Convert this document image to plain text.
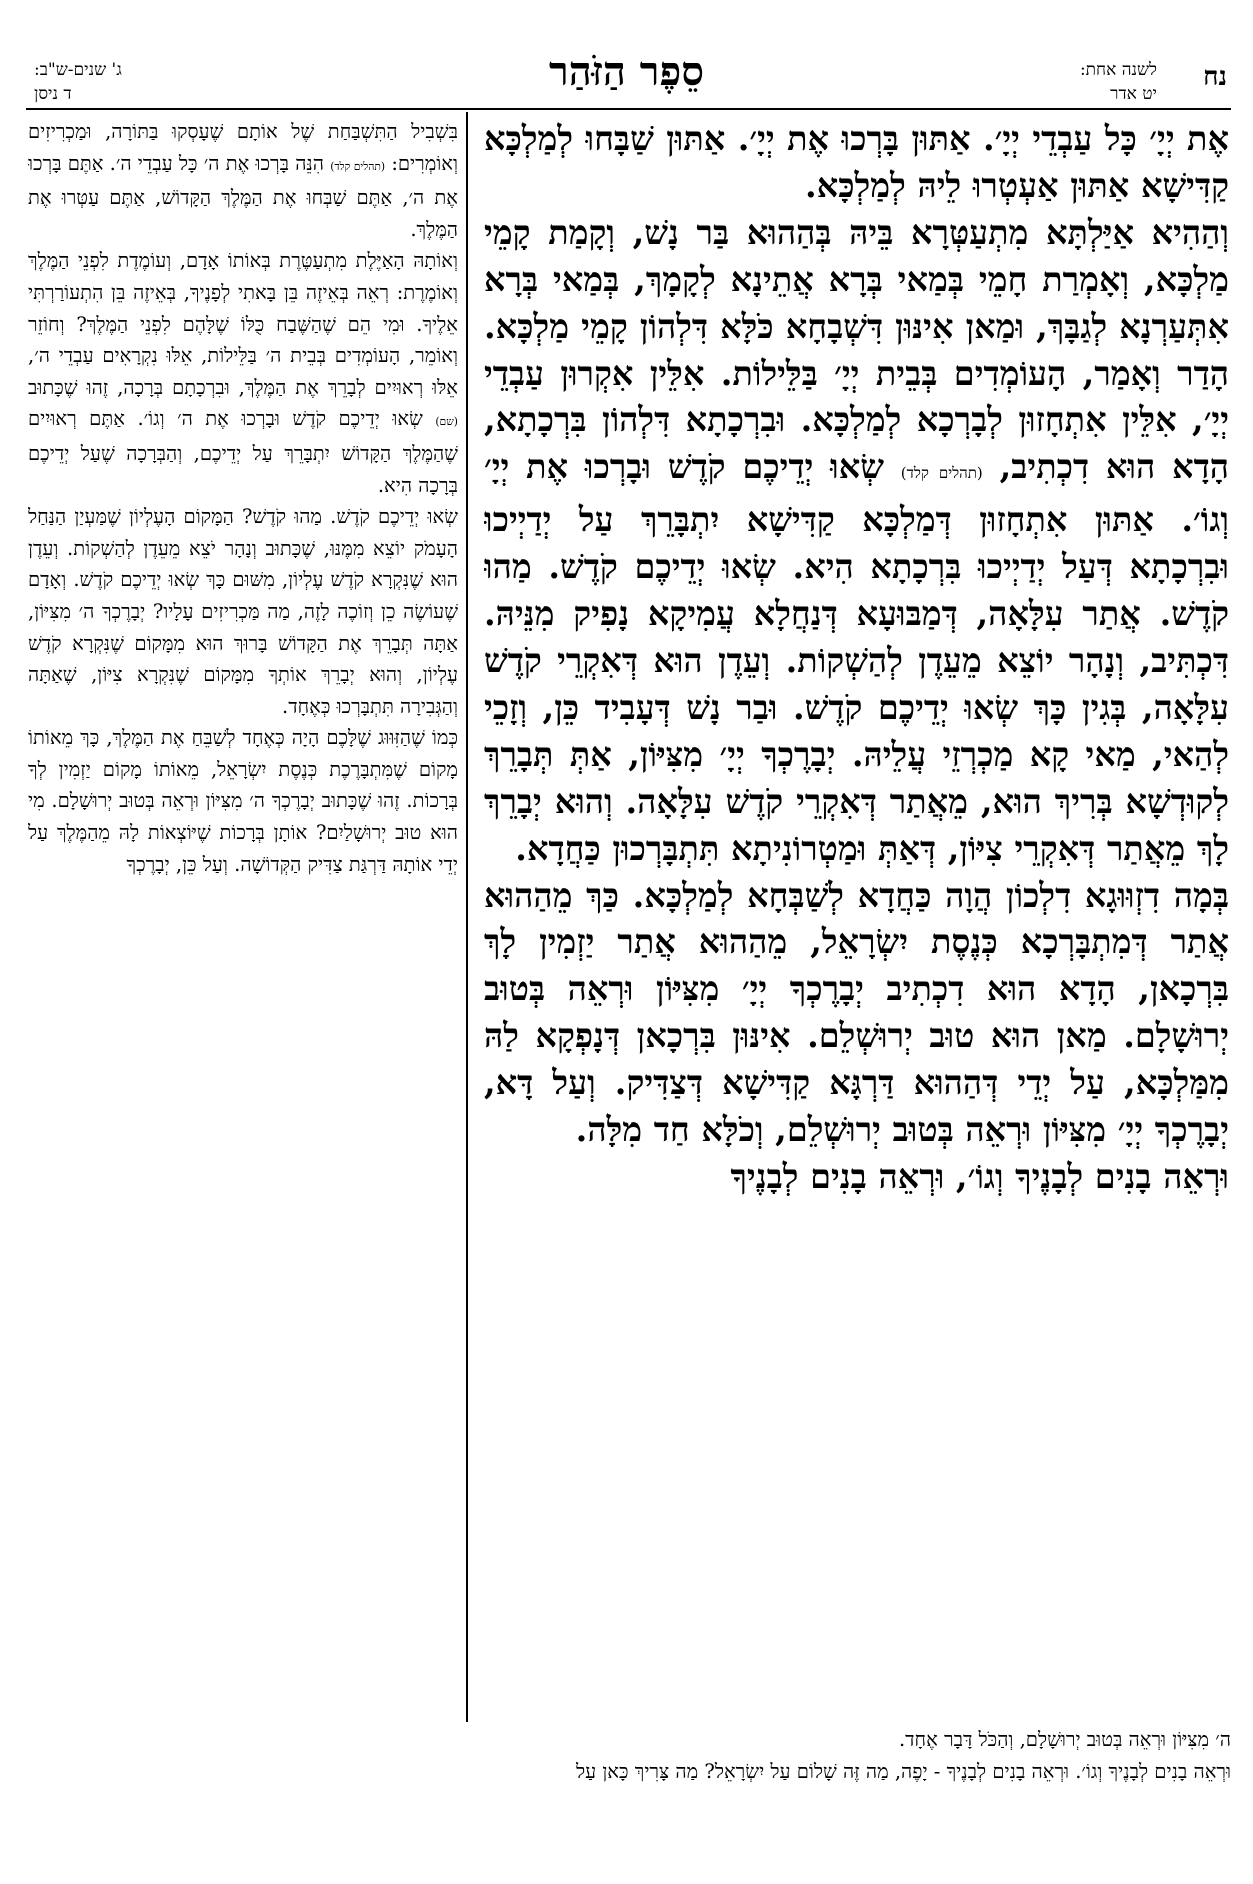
נח
לשנה אחת:
יט אדר
סֵפֶר הַזֹּהַר
ג' שנים-ש"ב:
ד ניסן

אֶת יְיָ׳ כָּל עַבְדֵי יְיָ׳. אַתּוּן בָּרְכוּ אֶת יְיָ׳. אַתּוּן שַׁבָּחוּ לְמַלְכָּא קַדִּישָׁא אַתּוּן אַעְטְרוּ לֵיהּ לְמַלְכָּא.

וְהַהִיא אַיַּלְתָּא מִתְעַטְּרָא בֵּיהּ בְּהַהוּא בַּר נָשׁ, וְקָמַת קָמֵי מַלְכָּא, וְאָמְרַת חָמֵי בְּמַאי בְּרָא אֲתֵינָא לְקָמָךְ, בְּמַאי בְּרָא אִתְּעַרְנָא לְגַבָּךְ, וּמַאן אִינּוּן דִּשְׁבָחָא כֹּלָּא דִּלְהוֹן קָמֵי מַלְכָּא. הָדַר וְאָמַר, הָעוֹמְדִים בְּבֵית יְיָ׳ בַּלֵּילוֹת. אִלֵּין אִקְרוּן עַבְדֵי יְיָ׳, אִלֵּין אִתְחָזוּן לְבָרְכָא לְמַלְכָּא. וּבִרְכָתָא דִּלְהוֹן בִּרְכָתָא, הָדָא הוּא דִכְתִיב, (תהלים קלד) שְׂאוּ יְדֵיכֶם קֹדֶשׁ וּבָרְכוּ אֶת יְיָ׳ וְגוֹ׳. אַתּוּן אִתְחָזוּן דְּמַלְכָּא קַדִּישָׁא יִתְבָּרֵךְ עַל יְדַיְיכוּ וּבִרְכָתָא דְּעַל יְדַיְיכוּ בִּרְכָתָא הִיא. שְׂאוּ יְדֵיכֶם קֹדֶשׁ. מַהוּ קֹדֶשׁ. אֲתַר עִלָּאָה, דְּמַבּוּעָא דְּנַחֲלָא עֲמִיקָא נָפִיק מִנֵּיהּ. דִּכְתִּיב, וְנָהָר יוֹצֵא מֵעֵדֶן לְהַשְׁקוֹת. וְעֵדֶן הוּא דְּאִקְרֵי קֹדֶשׁ עִלָּאָה, בְּגִין כָּךְ שְׂאוּ יְדֵיכֶם קֹדֶשׁ. וּבַר נָשׁ דְּעָבִיד כֵּן, וְזָכֵי לְהַאי, מַאי קָא מַכְרְזֵי עֲלֵיהּ. יְבָרֶכְךָ יְיָ׳ מִצִּיּוֹן, אַתְּ תְּבָרֵךְ לְקוּדְשָׁא בְּרִיךְ הוּא, מֵאֲתַר דְּאִקְרֵי קֹדֶשׁ עִלָּאָה. וְהוּא יְבָרֵךְ לָךְ מֵאֲתַר דְּאִקְרֵי צִיּוֹן, דְּאַתְּ וּמַטְרוֹנִיתָא תִּתְבָּרְכוּן כַּחֲדָא.

בְּמָה דִזְוּוּגָא דִלְכוֹן הֲוָה כַּחֲדָא לְשַׁבְּחָא לְמַלְכָּא. כַּךְ מֵהַהוּא אֲתַר דְּמִתְבָּרְכָא כְּנֶסֶת יִשְׂרָאֵל, מֵהַהוּא אֲתַר יַזְמִין לָךְ בִּרְכָאן, הָדָא הוּא דִכְתִיב יְבָרֶכְךָ יְיָ׳ מִצִּיּוֹן וּרְאֵה בְּטוּב יְרוּשָׁלָם. מַאן הוּא טוּב יְרוּשְׁלֵם. אִינּוּן בִּרְכָאן דְּנָפְקָא לַהּ מִמַּלְכָּא, עַל יְדֵי דְּהַהוּא דַּרְגָּא קַדִּישָׁא דְּצַדִּיק. וְעַל דָּא, יְבָרֶכְךָ יְיָ׳ מִצִּיּוֹן וּרְאֵה בְּטוּב יְרוּשְׁלֵם, וְכֹלָּא חַד מִלָּה.

וּרְאֵה בָנִים לְבָנֶיךָ וְגוֹ׳, וּרְאֵה בָנִים לְבָנֶיךָ

בִּשְׁבִיל הַתִּשְׁבַּחַת שֶׁל אוֹתָם שֶׁעָסְקוּ בַּתּוֹרָה, וּמַכְרִיזִים וְאוֹמְרִים: (תהלים קלד) הִנֵּה בָּרְכוּ אֶת ה׳ כָּל עַבְדֵי ה׳. אַתֶּם בָּרְכוּ אֶת ה׳, אַתֶּם שַׁבְּחוּ אֶת הַמֶּלֶךְ הַקָּדוֹשׁ, אַתֶּם עַטְּרוּ אֶת הַמֶּלֶךְ.

וְאוֹתָהּ הָאַיֶּלֶת מִתְעַטֶּרֶת בְּאוֹתוֹ אָדָם, וְעוֹמֶדֶת לִפְנֵי הַמֶּלֶךְ וְאוֹמֶרֶת: רְאֵה בְּאֵיזֶה בֵּן בָּאתִי לְפָנֶיךָ, בְּאֵיזֶה בֵּן הִתְעוֹרַרְתִּי אֵלֶיךָ. וּמִי הֵם שֶׁהַשֶּׁבַח כֻּלּוֹ שֶׁלָּהֶם לִפְנֵי הַמֶּלֶךְ? וְחוֹזֵר וְאוֹמֵר, הָעוֹמְדִים בְּבֵית ה׳ בַּלֵּילוֹת, אֵלּוּ נִקְרָאִים עַבְדֵי ה׳, אֵלּוּ רְאוּיִים לְבָרֵךְ אֶת הַמֶּלֶךְ, וּבִרְכָתָם בְּרָכָה, זֶהוּ שֶׁכָּתוּב (שם) שְׂאוּ יְדֵיכֶם קֹדֶשׁ וּבָרְכוּ אֶת ה׳ וְגוֹ׳. אַתֶּם רְאוּיִים שֶׁהַמֶּלֶךְ הַקָּדוֹשׁ יִתְבָּרֵךְ עַל יְדֵיכֶם, וְהַבְּרָכָה שֶׁעַל יְדֵיכֶם בְּרָכָה הִיא.

שְׂאוּ יְדֵיכֶם קֹדֶשׁ. מַהוּ קֹדֶשׁ? הַמָּקוֹם הָעֶלְיוֹן שֶׁמַּעְיַן הַנַּחַל הָעָמֹק יוֹצֵא מִמֶּנּוּ, שֶׁכָּתוּב וְנָהָר יֹצֵא מֵעֵדֶן לְהַשְׁקוֹת. וְעֵדֶן הוּא שֶׁנִּקְרָא קֹדֶשׁ עֶלְיוֹן, מִשּׁוּם כָּךְ שְׂאוּ יְדֵיכֶם קֹדֶשׁ. וְאָדָם שֶׁעוֹשֶׂה כֵן וְזוֹכֶה לָזֶה, מַה מַּכְרִיזִים עָלָיו? יְבָרֶכְךָ ה׳ מִצִּיּוֹן, אַתָּה תְּבָרֵךְ אֶת הַקָּדוֹשׁ בָּרוּךְ הוּא מִמָּקוֹם שֶׁנִּקְרָא קֹדֶשׁ עֶלְיוֹן, וְהוּא יְבָרֵךְ אוֹתְךָ מִמָּקוֹם שֶׁנִּקְרָא צִיּוֹן, שֶׁאַתָּה וְהַגְּבִירָה תִּתְבָּרְכוּ כְּאֶחָד.

כְּמוֹ שֶׁהַזִּוּוּג שֶׁלָּכֶם הָיָה כְּאֶחָד לְשַׁבֵּחַ אֶת הַמֶּלֶךְ, כָּךְ מֵאוֹתוֹ מָקוֹם שֶׁמִּתְבָּרֶכֶת כְּנֶסֶת יִשְׂרָאֵל, מֵאוֹתוֹ מָקוֹם יַזְמִין לְךָ בְּרָכוֹת. זֶהוּ שֶׁכָּתוּב יְבָרֶכְךָ ה׳ מִצִּיּוֹן וּרְאֵה בְּטוּב יְרוּשָׁלָם. מִי הוּא טוּב יְרוּשָׁלַיִם? אוֹתָן בְּרָכוֹת שֶׁיּוֹצְאוֹת לָהּ מֵהַמֶּלֶךְ עַל יְדֵי אוֹתָהּ דַּרְגַּת צַדִּיק הַקְּדוֹשָׁה. וְעַל כֵּן, יְבָרֶכְךָ

ה׳ מִצִּיּוֹן וּרְאֵה בְּטוּב יְרוּשָׁלָם, וְהַכֹּל דָּבָר אֶחָד.

וּרְאֵה בָנִים לְבָנֶיךָ וְגוֹ׳. וּרְאֵה בָנִים לְבָנֶיךָ - יָפֶה, מַה זֶּה שָׁלוֹם עַל יִשְׂרָאֵל? מַה צָּרִיךְ כָּאן עַל
